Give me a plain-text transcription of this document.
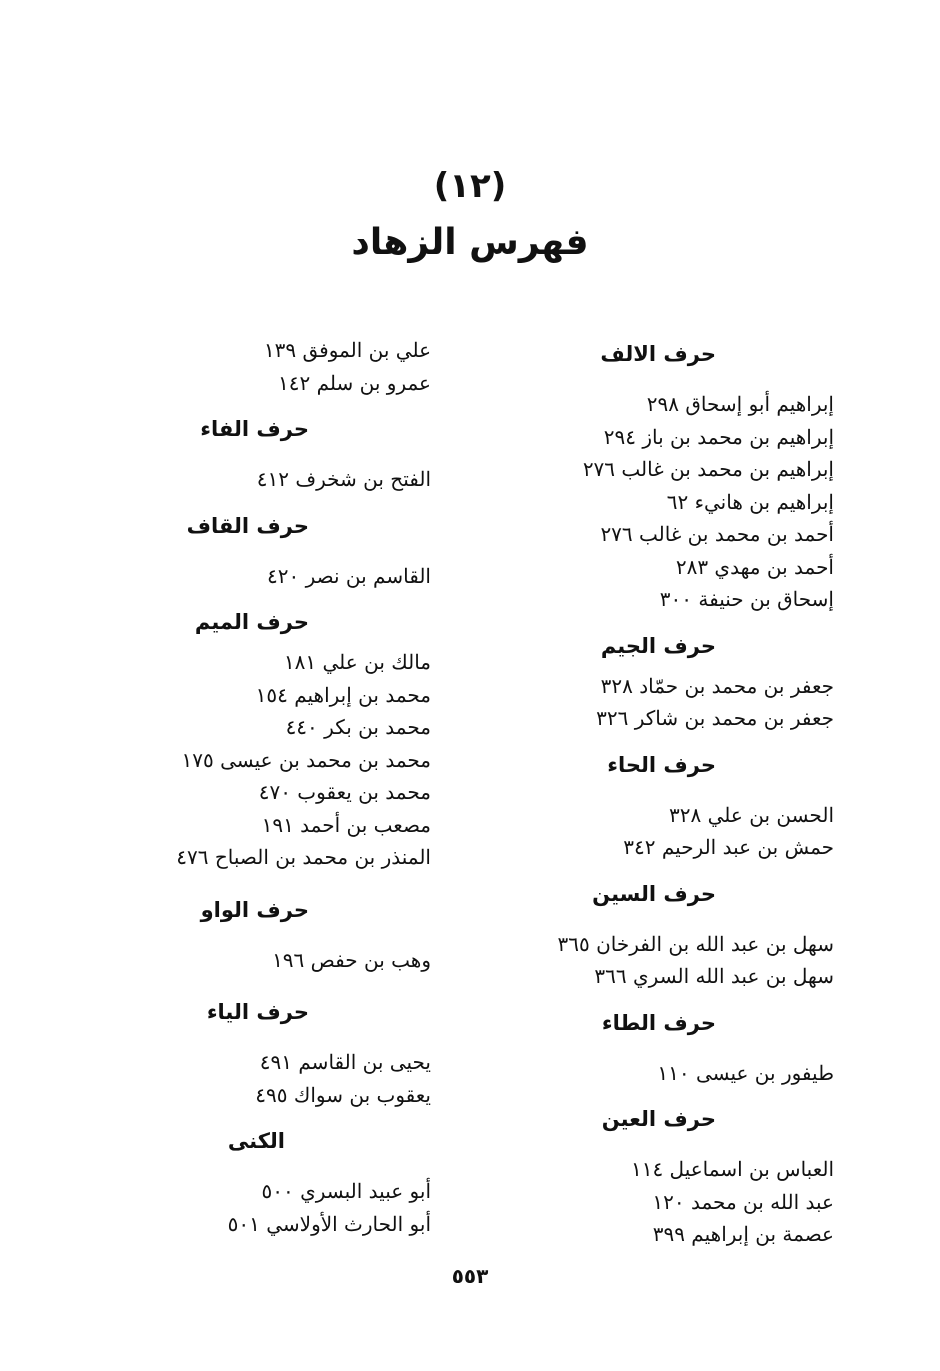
(١٢)
فهرس الزهاد
حرف الالف
إبراهيم أبو إسحاق ٢٩٨
إبراهيم بن محمد بن باز ٢٩٤
إبراهيم بن محمد بن غالب ٢٧٦
إبراهيم بن هانيء ٦٢
أحمد بن محمد بن غالب ٢٧٦
أحمد بن مهدي ٢٨٣
إسحاق بن حنيفة ٣٠٠
حرف الجيم
جعفر بن محمد بن حمّاد ٣٢٨
جعفر بن محمد بن شاكر ٣٢٦
حرف الحاء
الحسن بن علي ٣٢٨
حمش بن عبد الرحيم ٣٤٢
حرف السين
سهل بن عبد الله بن الفرخان ٣٦٥
سهل بن عبد الله السري ٣٦٦
حرف الطاء
طيفور بن عيسى ١١٠
حرف العين
العباس بن اسماعيل ١١٤
عبد الله بن محمد ١٢٠
عصمة بن إبراهيم ٣٩٩
علي بن الموفق ١٣٩
عمرو بن سلم ١٤٢
حرف الفاء
الفتح بن شخرف ٤١٢
حرف القاف
القاسم بن نصر ٤٢٠
حرف الميم
مالك بن علي ١٨١
محمد بن إبراهيم ١٥٤
محمد بن بكر ٤٤٠
محمد بن محمد بن عيسى ١٧٥
محمد بن يعقوب ٤٧٠
مصعب بن أحمد ١٩١
المنذر بن محمد بن الصباح ٤٧٦
حرف الواو
وهب بن حفص ١٩٦
حرف الياء
يحيى بن القاسم ٤٩١
يعقوب بن سواك ٤٩٥
الكنى
أبو عبيد البسري ٥٠٠
أبو الحارث الأولاسي ٥٠١
٥٥٣
